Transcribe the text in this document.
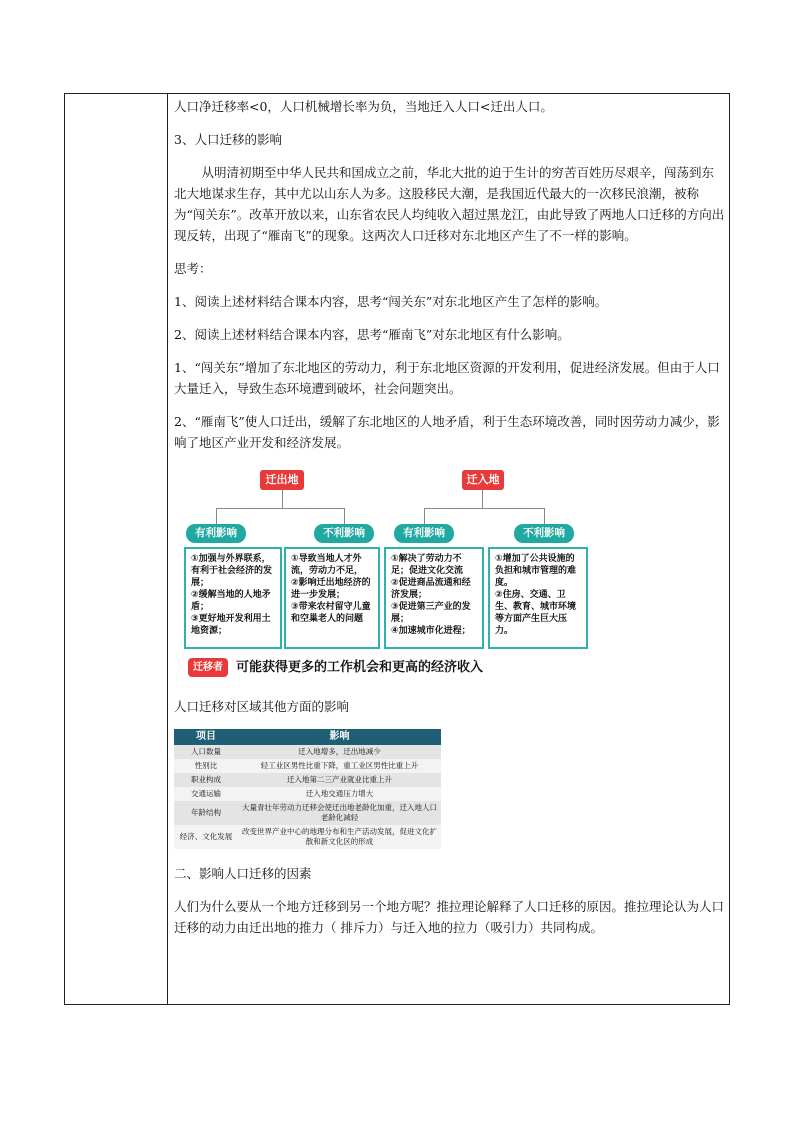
人口净迁移率<0，人口机械增长率为负，当地迁入人口<迁出人口。

3、人口迁移的影响

从明清初期至中华人民共和国成立之前，华北大批的迫于生计的穷苦百姓历尽艰辛，闯荡到东北大地谋求生存，其中尤以山东人为多。这股移民大潮，是我国近代最大的一次移民浪潮，被称为“闯关东”。改革开放以来，山东省农民人均纯收入超过黑龙江，由此导致了两地人口迁移的方向出现反转，出现了“雁南飞”的现象。这两次人口迁移对东北地区产生了不一样的影响。

思考：

1、阅读上述材料结合课本内容，思考“闯关东”对东北地区产生了怎样的影响。

2、阅读上述材料结合课本内容，思考“雁南飞”对东北地区有什么影响。

1、“闯关东”增加了东北地区的劳动力，利于东北地区资源的开发利用，促进经济发展。但由于人口大量迁入，导致生态环境遭到破坏，社会问题突出。

2、“雁南飞”使人口迁出，缓解了东北地区的人地矛盾，利于生态环境改善，同时因劳动力减少，影响了地区产业开发和经济发展。

迁出地	迁入地
有利影响	不利影响	有利影响	不利影响
①加强与外界联系，有利于社会经济的发展；
②缓解当地的人地矛盾；
③更好地开发利用土地资源；
①导致当地人才外流，劳动力不足，
②影响迁出地经济的进一步发展；
③带来农村留守儿童和空巢老人的问题
①解决了劳动力不足；促进文化交流
②促进商品流通和经济发展；
③促进第三产业的发展；
④加速城市化进程；
①增加了公共设施的负担和城市管理的难度。
②住房、交通、卫生、教育、城市环境等方面产生巨大压力。
迁移者	可能获得更多的工作机会和更高的经济收入

人口迁移对区域其他方面的影响

项目	影响
人口数量	迁入地增多，迁出地减少
性别比	轻工业区男性比重下降，重工业区男性比重上升
职业构成	迁入地第二三产业就业比重上升
交通运输	迁入地交通压力增大
年龄结构	大量青壮年劳动力迁移会使迁出地老龄化加重，迁入地人口老龄化减轻
经济、文化发展	改变世界产业中心的地理分布和生产活动发展，促进文化扩散和新文化区的形成

二、影响人口迁移的因素

人们为什么要从一个地方迁移到另一个地方呢？推拉理论解释了人口迁移的原因。推拉理论认为人口迁移的动力由迁出地的推力（ 排斥力）与迁入地的拉力（吸引力）共同构成。
